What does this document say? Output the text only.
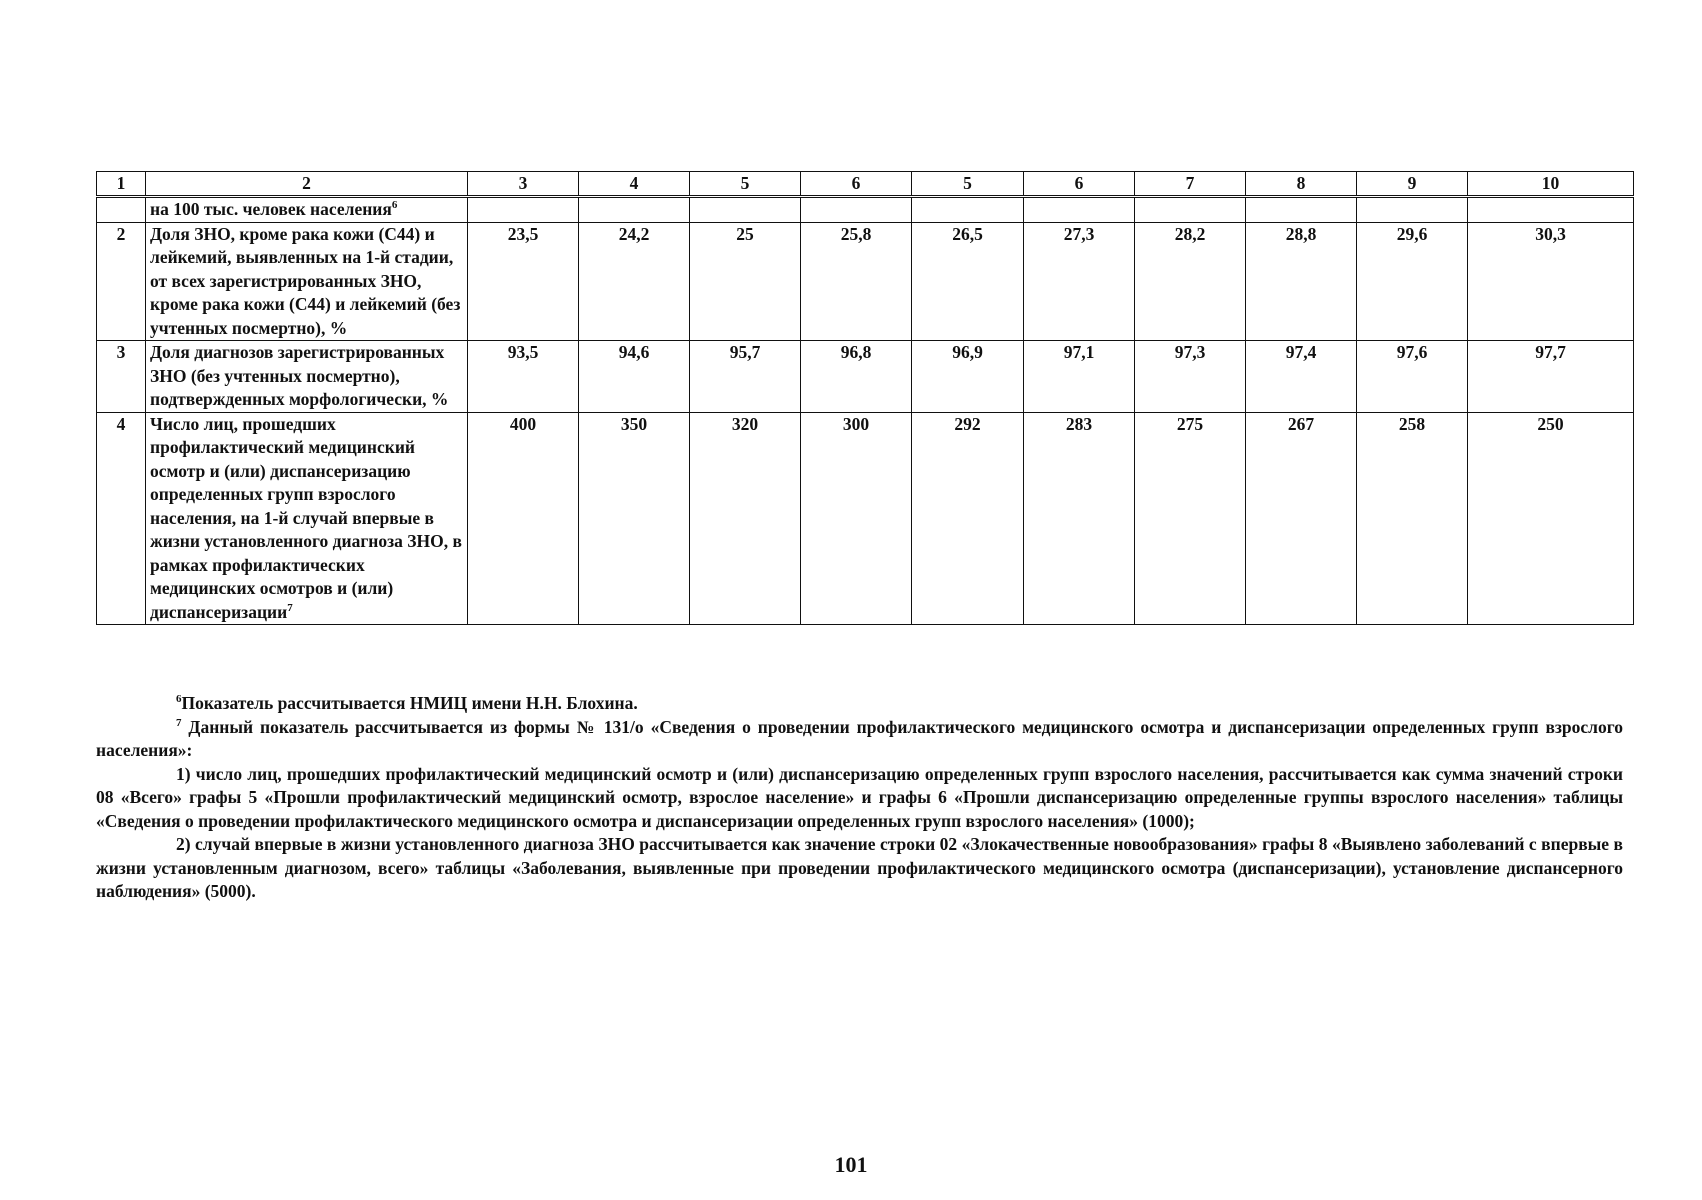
1	2	3	4	5	6	5	6	7	8	9	10
	на 100 тыс. человек населения$^6$										
2	Доля ЗНО, кроме рака кожи (С44) и лейкемий, выявленных на 1-й стадии, от всех зарегистрированных ЗНО, кроме рака кожи (С44) и лейкемий (без учтенных посмертно), %	23,5	24,2	25	25,8	26,5	27,3	28,2	28,8	29,6	30,3
3	Доля диагнозов зарегистрированных ЗНО (без учтенных посмертно), подтвержденных морфологически, %	93,5	94,6	95,7	96,8	96,9	97,1	97,3	97,4	97,6	97,7
4	Число лиц, прошедших профилактический медицинский осмотр и (или) диспансеризацию определенных групп взрослого населения, на 1-й случай впервые в жизни установленного диагноза ЗНО, в рамках профилактических медицинских осмотров и (или) диспансеризации$^7$	400	350	320	300	292	283	275	267	258	250

$^6$Показатель рассчитывается НМИЦ имени Н.Н. Блохина.

$^7$ Данный показатель рассчитывается из формы № 131/о «Сведения о проведении профилактического медицинского осмотра и диспансеризации определенных групп взрослого населения»:

1) число лиц, прошедших профилактический медицинский осмотр и (или) диспансеризацию определенных групп взрослого населения, рассчитывается как сумма значений строки 08 «Всего» графы 5 «Прошли профилактический медицинский осмотр, взрослое население» и графы 6 «Прошли диспансеризацию определенные группы взрослого населения» таблицы «Сведения о проведении профилактического медицинского осмотра и диспансеризации определенных групп взрослого населения» (1000);

2) случай впервые в жизни установленного диагноза ЗНО рассчитывается как значение строки 02 «Злокачественные новообразования» графы 8 «Выявлено заболеваний с впервые в жизни установленным диагнозом, всего» таблицы «Заболевания, выявленные при проведении профилактического медицинского осмотра (диспансеризации), установление диспансерного наблюдения» (5000).

101
